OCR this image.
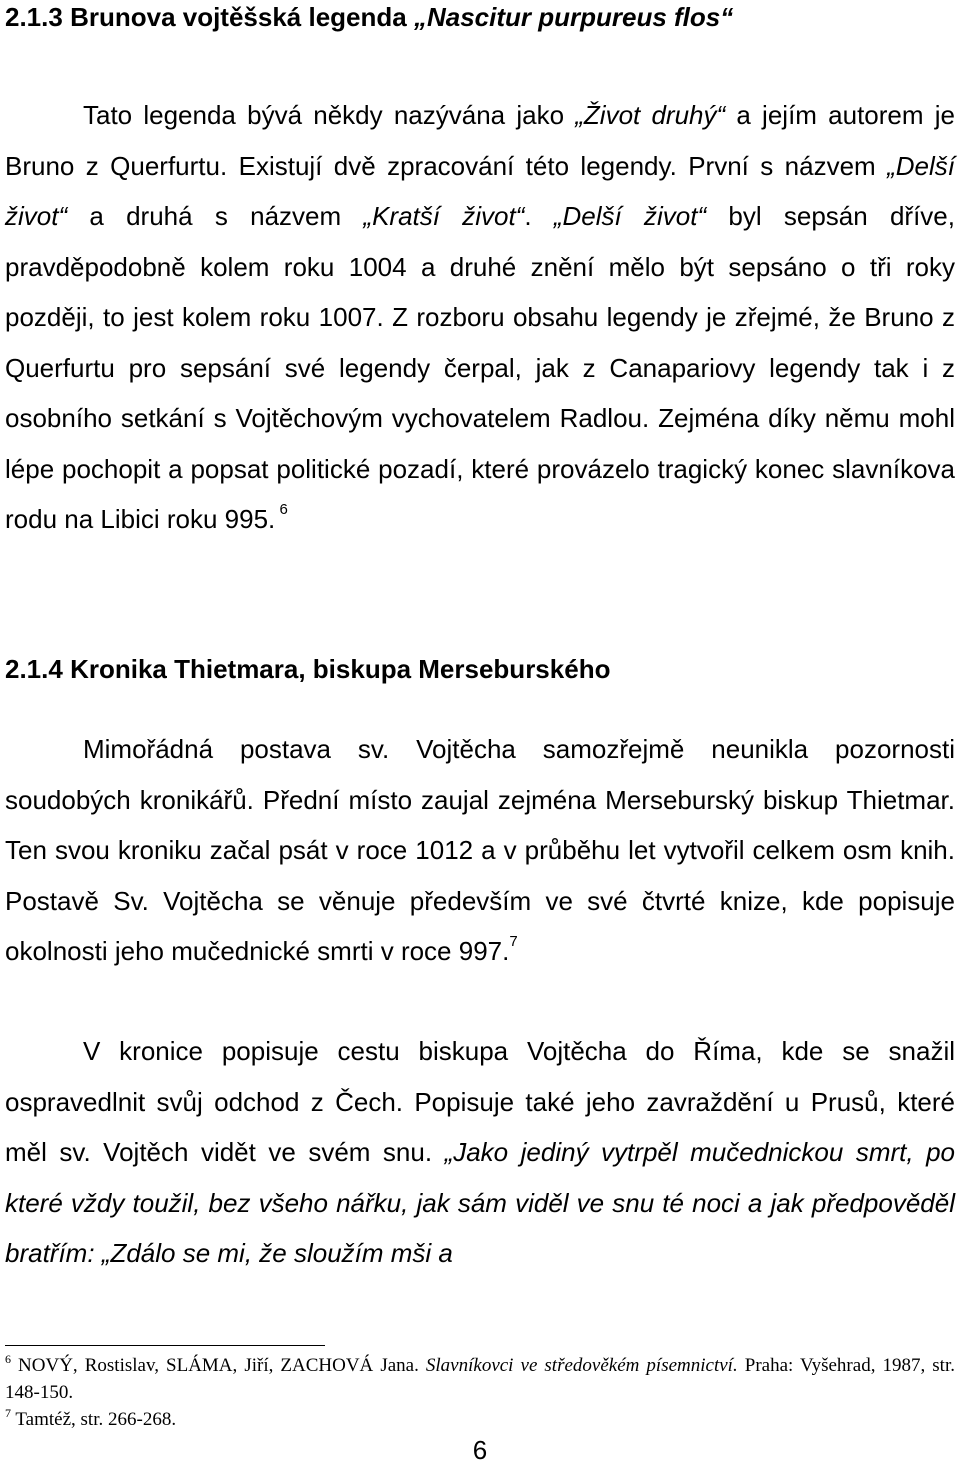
2.1.3 Brunova vojtěšská legenda „Nascitur purpureus flos“

Tato legenda bývá někdy nazývána jako „Život druhý“ a jejím autorem je Bruno z Querfurtu. Existují dvě zpracování této legendy. První s názvem „Delší život“ a druhá s názvem „Kratší život“. „Delší život“ byl sepsán dříve, pravděpodobně kolem roku 1004 a druhé znění mělo být sepsáno o tři roky později, to jest kolem roku 1007. Z rozboru obsahu legendy je zřejmé, že Bruno z Querfurtu pro sepsání své legendy čerpal, jak z Canapariovy legendy tak i z osobního setkání s Vojtěchovým vychovatelem Radlou. Zejména díky němu mohl lépe pochopit a popsat politické pozadí, které provázelo tragický konec slavníkova rodu na Libici roku 995. $^6$

2.1.4 Kronika Thietmara, biskupa Merseburského

Mimořádná postava sv. Vojtěcha samozřejmě neunikla pozornosti soudobých kronikářů. Přední místo zaujal zejména Merseburský biskup Thietmar. Ten svou kroniku začal psát v roce 1012 a v průběhu let vytvořil celkem osm knih. Postavě Sv. Vojtěcha se věnuje především ve své čtvrté knize, kde popisuje okolnosti jeho mučednické smrti v roce 997.$^7$

V kronice popisuje cestu biskupa Vojtěcha do Říma, kde se snažil ospravedlnit svůj odchod z Čech. Popisuje také jeho zavraždění u Prusů, které měl sv. Vojtěch vidět ve svém snu. „Jako jediný vytrpěl mučednickou smrt, po které vždy toužil, bez všeho nářku, jak sám viděl ve snu té noci a jak předpověděl bratřím: „Zdálo se mi, že sloužím mši a

$^6$ NOVÝ, Rostislav, SLÁMA, Jiří, ZACHOVÁ Jana. Slavníkovci ve středověkém písemnictví. Praha: Vyšehrad, 1987, str. 148-150.

$^7$ Tamtéž, str. 266-268.

6
